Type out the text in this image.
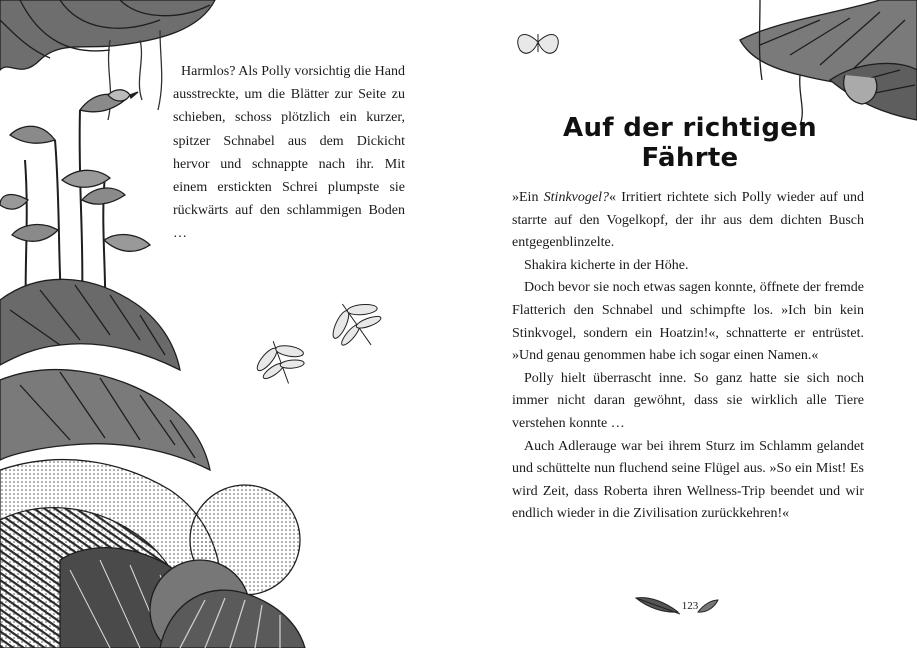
Harmlos? Als Polly vorsichtig die Hand ausstreckte, um die Blätter zur Seite zu schieben, schoss plötzlich ein kurzer, spitzer Schnabel aus dem Dickicht hervor und schnappte nach ihr. Mit einem erstickten Schrei plumpste sie rückwärts auf den schlammigen Boden …

Auf der richtigen Fährte

»Ein Stinkvogel?« Irritiert richtete sich Polly wieder auf und starrte auf den Vogelkopf, der ihr aus dem dichten Busch entgegenblinzelte.

Shakira kicherte in der Höhe.

Doch bevor sie noch etwas sagen konnte, öffnete der fremde Flatterich den Schnabel und schimpfte los. »Ich bin kein Stinkvogel, sondern ein Hoatzin!«, schnatterte er entrüstet. »Und genau genommen habe ich sogar einen Namen.«

Polly hielt überrascht inne. So ganz hatte sie sich noch immer nicht daran gewöhnt, dass sie wirklich alle Tiere verstehen konnte …

Auch Adlerauge war bei ihrem Sturz im Schlamm gelandet und schüttelte nun fluchend seine Flügel aus. »So ein Mist! Es wird Zeit, dass Roberta ihren Wellness-Trip beendet und wir endlich wieder in die Zivilisation zurückkehren!«

123
